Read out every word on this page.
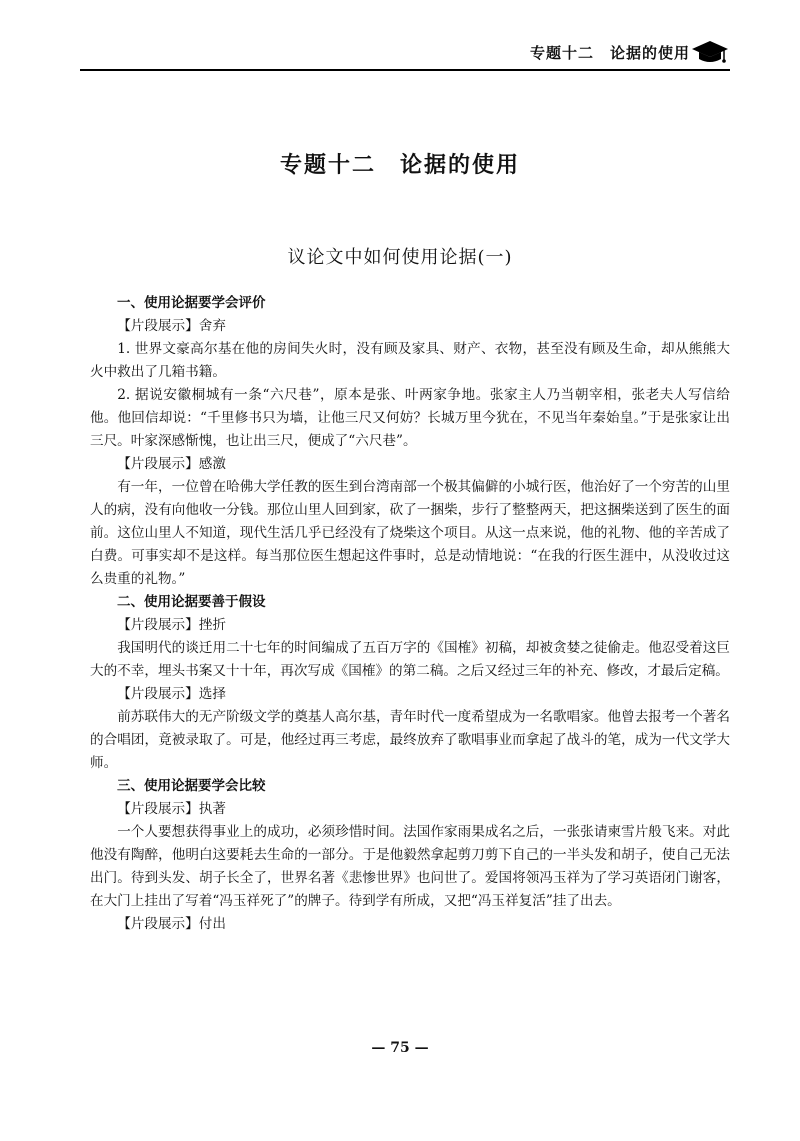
专题十二　论据的使用
专题十二　论据的使用
议论文中如何使用论据(一)

一、使用论据要学会评价

【片段展示】舍弃

1. 世界文豪高尔基在他的房间失火时，没有顾及家具、财产、衣物，甚至没有顾及生命，却从熊熊大火中救出了几箱书籍。

2. 据说安徽桐城有一条“六尺巷”，原本是张、叶两家争地。张家主人乃当朝宰相，张老夫人写信给他。他回信却说：“千里修书只为墙，让他三尺又何妨？长城万里今犹在，不见当年秦始皇。”于是张家让出三尺。叶家深感惭愧，也让出三尺，便成了“六尺巷”。

【片段展示】感激

有一年，一位曾在哈佛大学任教的医生到台湾南部一个极其偏僻的小城行医，他治好了一个穷苦的山里人的病，没有向他收一分钱。那位山里人回到家，砍了一捆柴，步行了整整两天，把这捆柴送到了医生的面前。这位山里人不知道，现代生活几乎已经没有了烧柴这个项目。从这一点来说，他的礼物、他的辛苦成了白费。可事实却不是这样。每当那位医生想起这件事时，总是动情地说：“在我的行医生涯中，从没收过这么贵重的礼物。”

二、使用论据要善于假设

【片段展示】挫折

我国明代的谈迁用二十七年的时间编成了五百万字的《国榷》初稿，却被贪婪之徒偷走。他忍受着这巨大的不幸，埋头书案又十十年，再次写成《国榷》的第二稿。之后又经过三年的补充、修改，才最后定稿。

【片段展示】选择

前苏联伟大的无产阶级文学的奠基人高尔基，青年时代一度希望成为一名歌唱家。他曾去报考一个著名的合唱团，竟被录取了。可是，他经过再三考虑，最终放弃了歌唱事业而拿起了战斗的笔，成为一代文学大师。

三、使用论据要学会比较

【片段展示】执著

一个人要想获得事业上的成功，必须珍惜时间。法国作家雨果成名之后，一张张请柬雪片般飞来。对此他没有陶醉，他明白这要耗去生命的一部分。于是他毅然拿起剪刀剪下自己的一半头发和胡子，使自己无法出门。待到头发、胡子长全了，世界名著《悲惨世界》也问世了。爱国将领冯玉祥为了学习英语闭门谢客，在大门上挂出了写着“冯玉祥死了”的牌子。待到学有所成，又把“冯玉祥复活”挂了出去。

【片段展示】付出

— 75 —
